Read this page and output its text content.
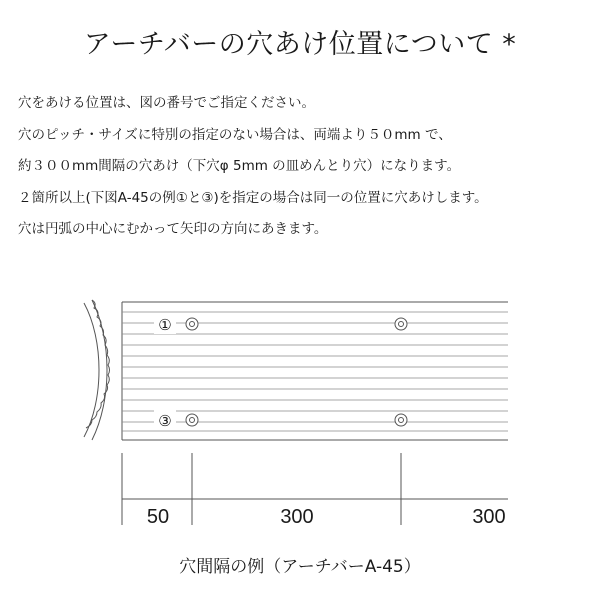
アーチバーの穴あけ位置について *

穴をあける位置は、図の番号でご指定ください。

穴のピッチ・サイズに特別の指定のない場合は、両端より５０mm で、

約３００mm間隔の穴あけ（下穴φ 5mm の皿めんとり穴）になります。

２箇所以上(下図A-45の例①と③)を指定の場合は同一の位置に穴あけします。

穴は円弧の中心にむかって矢印の方向にあきます。

①
③
50	300	300
穴間隔の例（アーチバーA-45）
